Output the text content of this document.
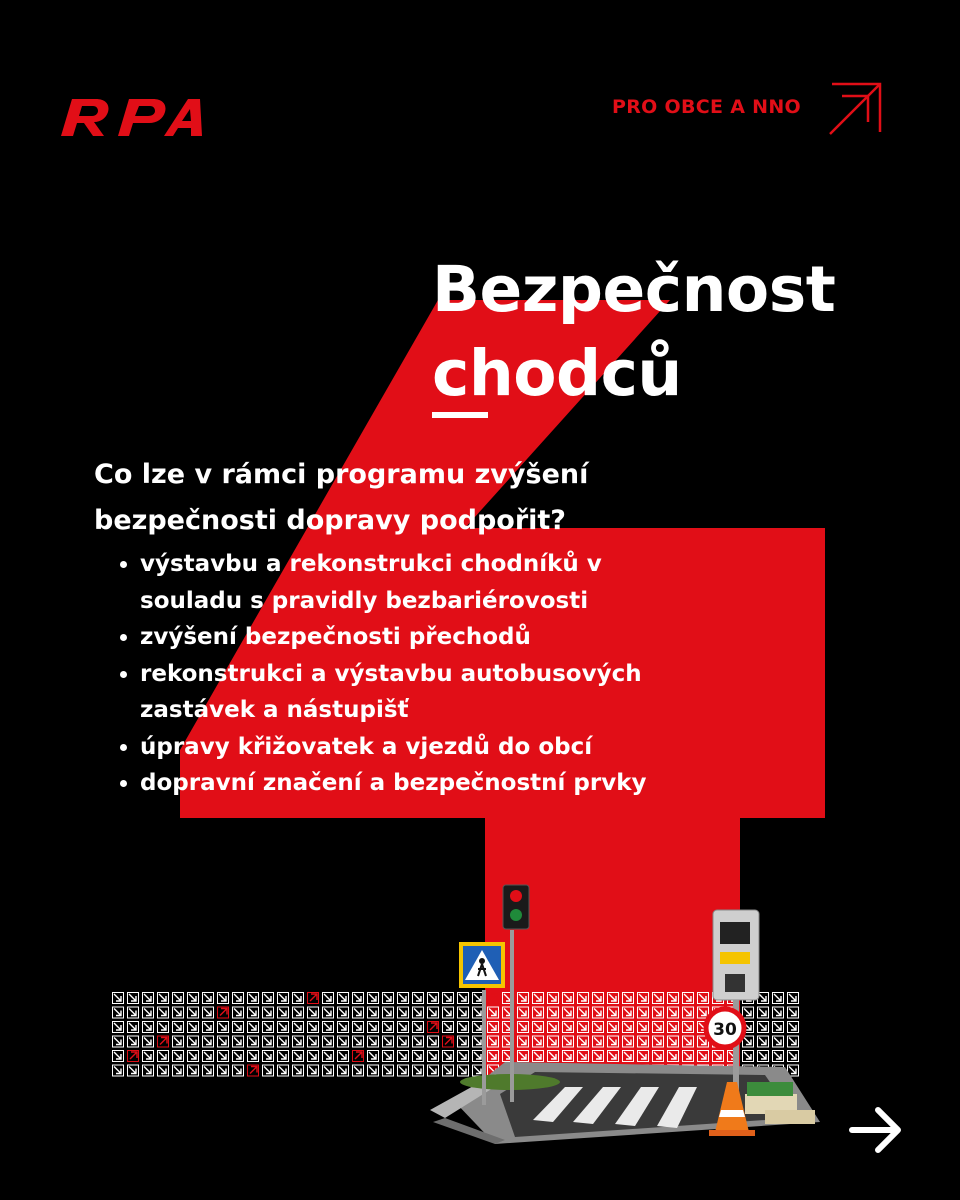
PRO OBCE A NNO
Bezpečnost
chodců
Co lze v rámci programu zvýšení
bezpečnosti dopravy podpořit?
• výstavbu a rekonstrukci chodníků v
souladu s pravidly bezbariérovosti
• zvýšení bezpečnosti přechodů
• rekonstrukci a výstavbu autobusových
zastávek a nástupišť
• úpravy křižovatek a vjezdů do obcí
• dopravní značení a bezpečnostní prvky
30
